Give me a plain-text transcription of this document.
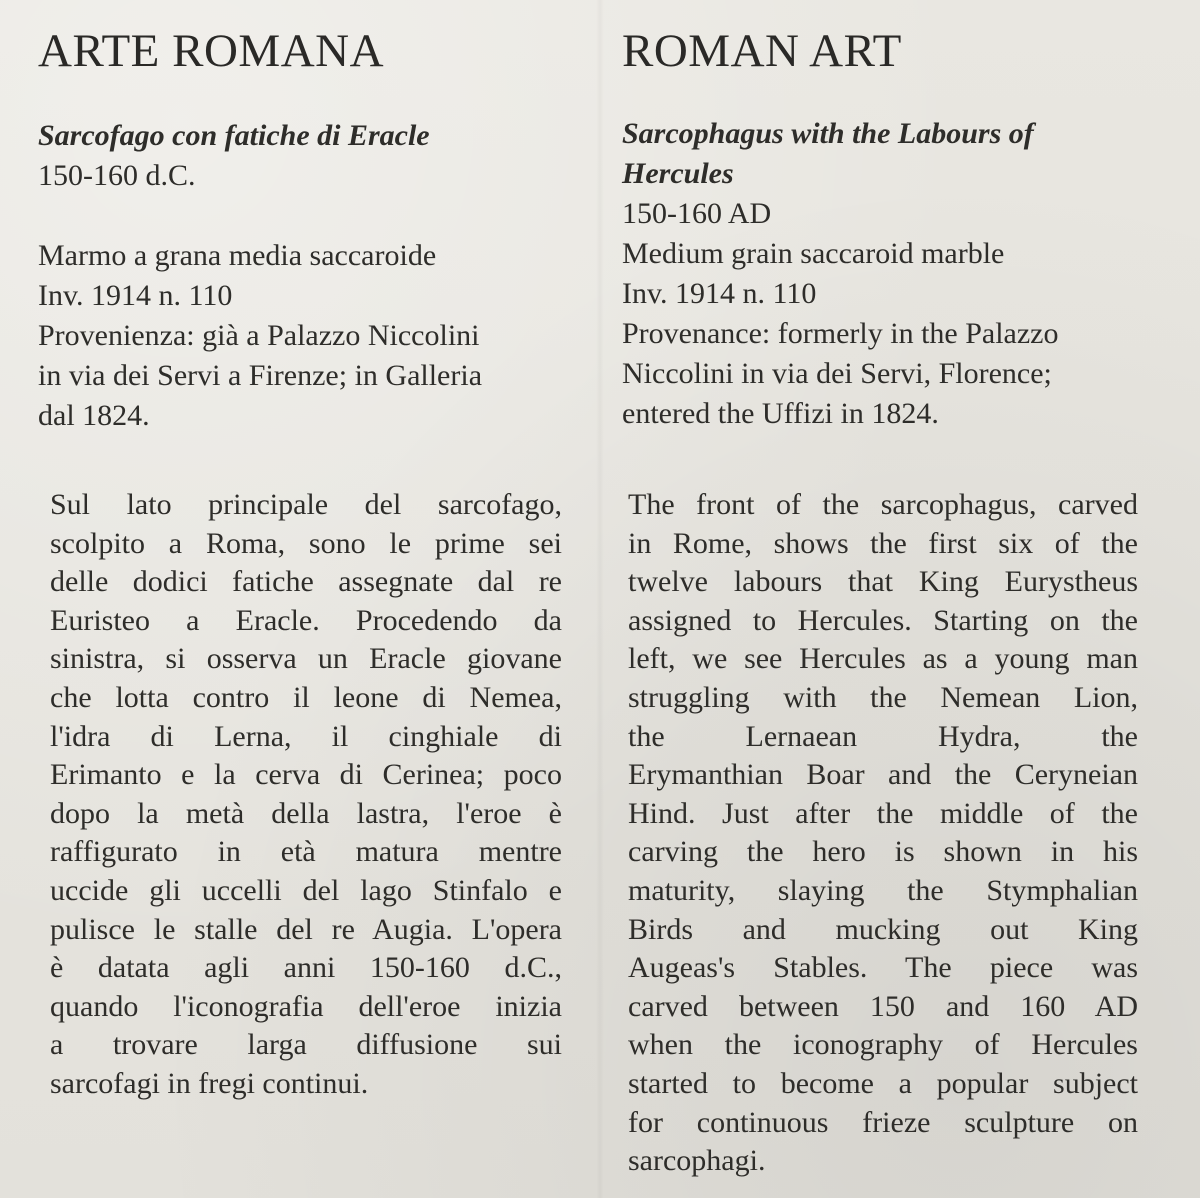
ARTE ROMANA
Sarcofago con fatiche di Eracle
150-160 d.C.
Marmo a grana media saccaroide
Inv. 1914 n. 110
Provenienza: già a Palazzo Niccolini
in via dei Servi a Firenze; in Galleria
dal 1824.
Sul lato principale del sarcofago,
scolpito a Roma, sono le prime sei
delle dodici fatiche assegnate dal re
Euristeo a Eracle. Procedendo da
sinistra, si osserva un Eracle giovane
che lotta contro il leone di Nemea,
l'idra di Lerna, il cinghiale di
Erimanto e la cerva di Cerinea; poco
dopo la metà della lastra, l'eroe è
raffigurato in età matura mentre
uccide gli uccelli del lago Stinfalo e
pulisce le stalle del re Augia. L'opera
è datata agli anni 150-160 d.C.,
quando l'iconografia dell'eroe inizia
a trovare larga diffusione sui
sarcofagi in fregi continui.
ROMAN ART
Sarcophagus with the Labours of
Hercules
150-160 AD
Medium grain saccaroid marble
Inv. 1914 n. 110
Provenance: formerly in the Palazzo
Niccolini in via dei Servi, Florence;
entered the Uffizi in 1824.
The front of the sarcophagus, carved
in Rome, shows the first six of the
twelve labours that King Eurystheus
assigned to Hercules. Starting on the
left, we see Hercules as a young man
struggling with the Nemean Lion,
the Lernaean Hydra, the
Erymanthian Boar and the Ceryneian
Hind. Just after the middle of the
carving the hero is shown in his
maturity, slaying the Stymphalian
Birds and mucking out King
Augeas's Stables. The piece was
carved between 150 and 160 AD
when the iconography of Hercules
started to become a popular subject
for continuous frieze sculpture on
sarcophagi.
